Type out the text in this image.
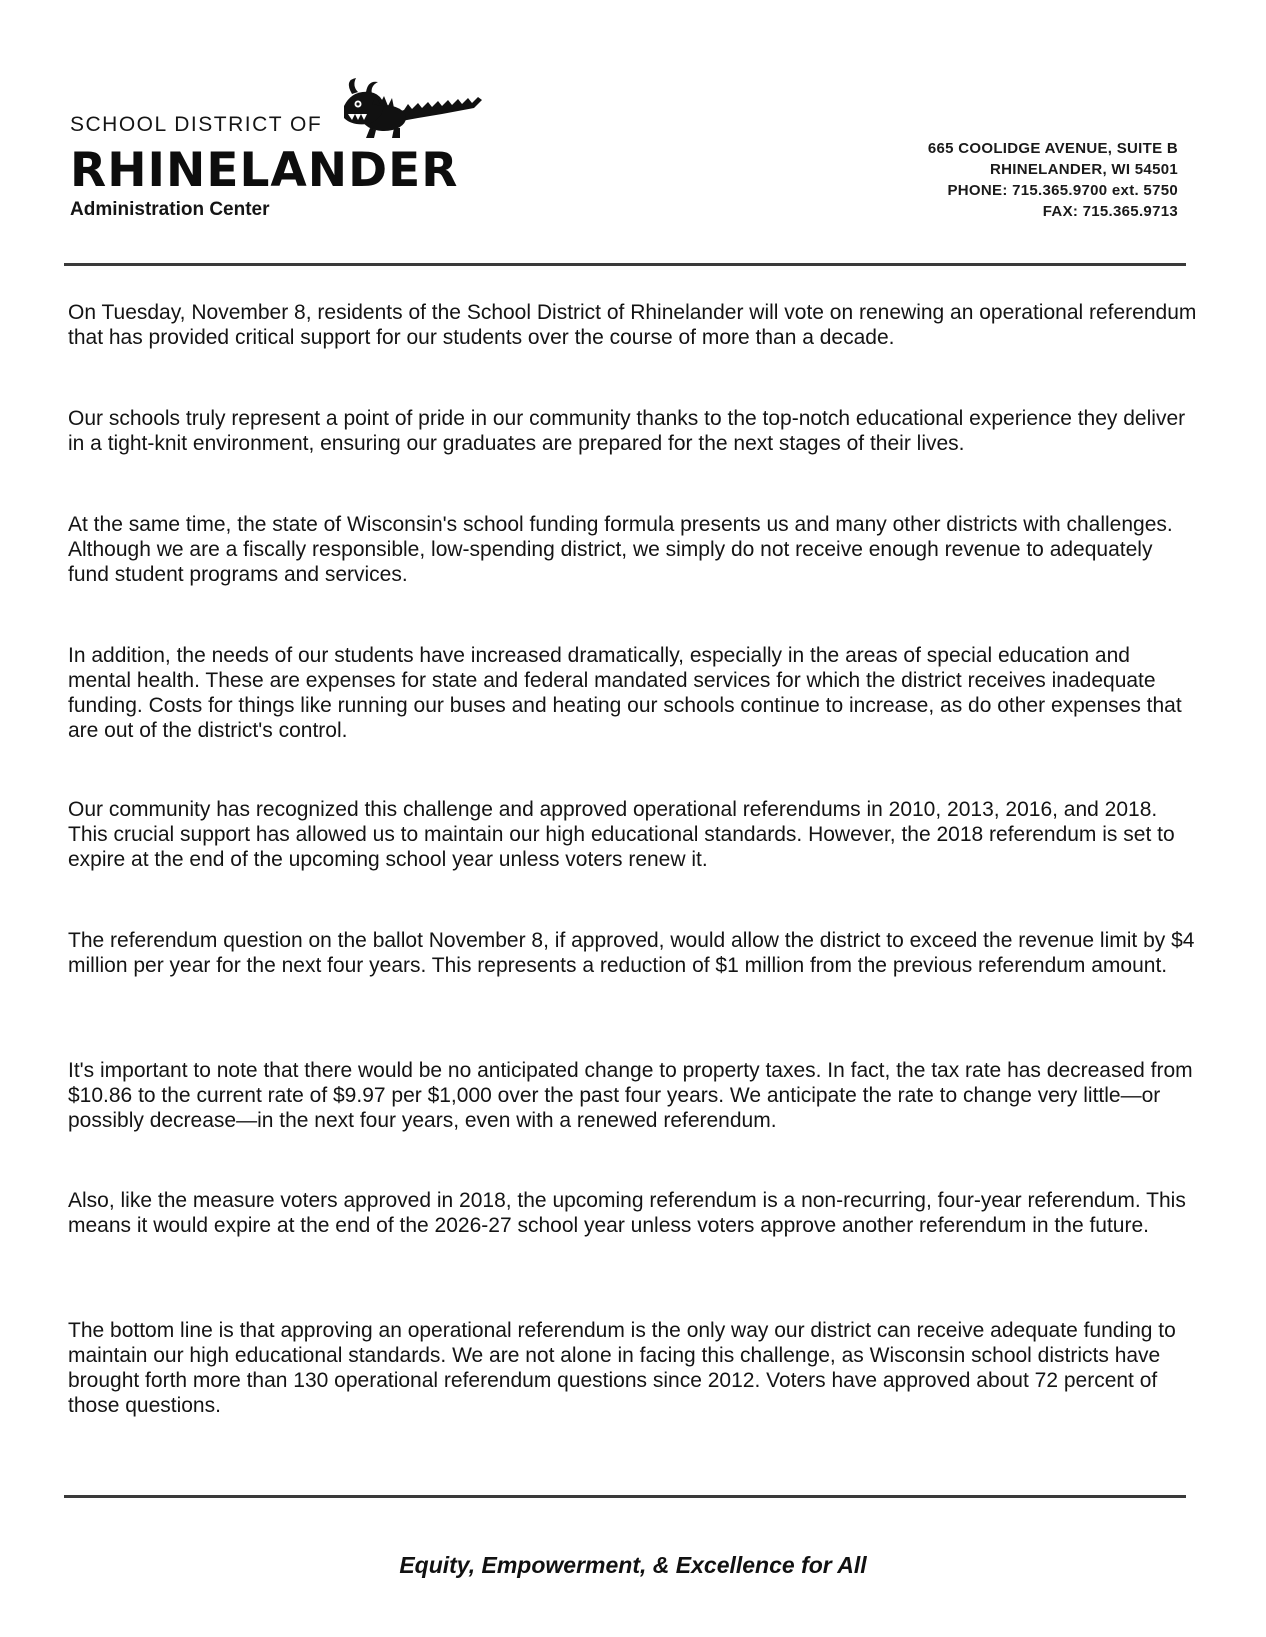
SCHOOL DISTRICT OF
RHINELANDER
Administration Center
665 COOLIDGE AVENUE, SUITE B
RHINELANDER, WI 54501
PHONE: 715.365.9700 ext. 5750
FAX: 715.365.9713

On Tuesday, November 8, residents of the School District of Rhinelander will vote on renewing an operational referendum that has provided critical support for our students over the course of more than a decade.

Our schools truly represent a point of pride in our community thanks to the top-notch educational experience they deliver in a tight-knit environment, ensuring our graduates are prepared for the next stages of their lives.

At the same time, the state of Wisconsin's school funding formula presents us and many other districts with challenges. Although we are a fiscally responsible, low-spending district, we simply do not receive enough revenue to adequately fund student programs and services.

In addition, the needs of our students have increased dramatically, especially in the areas of special education and mental health. These are expenses for state and federal mandated services for which the district receives inadequate funding. Costs for things like running our buses and heating our schools continue to increase, as do other expenses that are out of the district's control.

Our community has recognized this challenge and approved operational referendums in 2010, 2013, 2016, and 2018. This crucial support has allowed us to maintain our high educational standards. However, the 2018 referendum is set to expire at the end of the upcoming school year unless voters renew it.

The referendum question on the ballot November 8, if approved, would allow the district to exceed the revenue limit by $4 million per year for the next four years. This represents a reduction of $1 million from the previous referendum amount.

It's important to note that there would be no anticipated change to property taxes. In fact, the tax rate has decreased from $10.86 to the current rate of $9.97 per $1,000 over the past four years. We anticipate the rate to change very little—or possibly decrease—in the next four years, even with a renewed referendum.

Also, like the measure voters approved in 2018, the upcoming referendum is a non-recurring, four-year referendum. This means it would expire at the end of the 2026-27 school year unless voters approve another referendum in the future.

The bottom line is that approving an operational referendum is the only way our district can receive adequate funding to maintain our high educational standards. We are not alone in facing this challenge, as Wisconsin school districts have brought forth more than 130 operational referendum questions since 2012. Voters have approved about 72 percent of those questions.

Equity, Empowerment, & Excellence for All
